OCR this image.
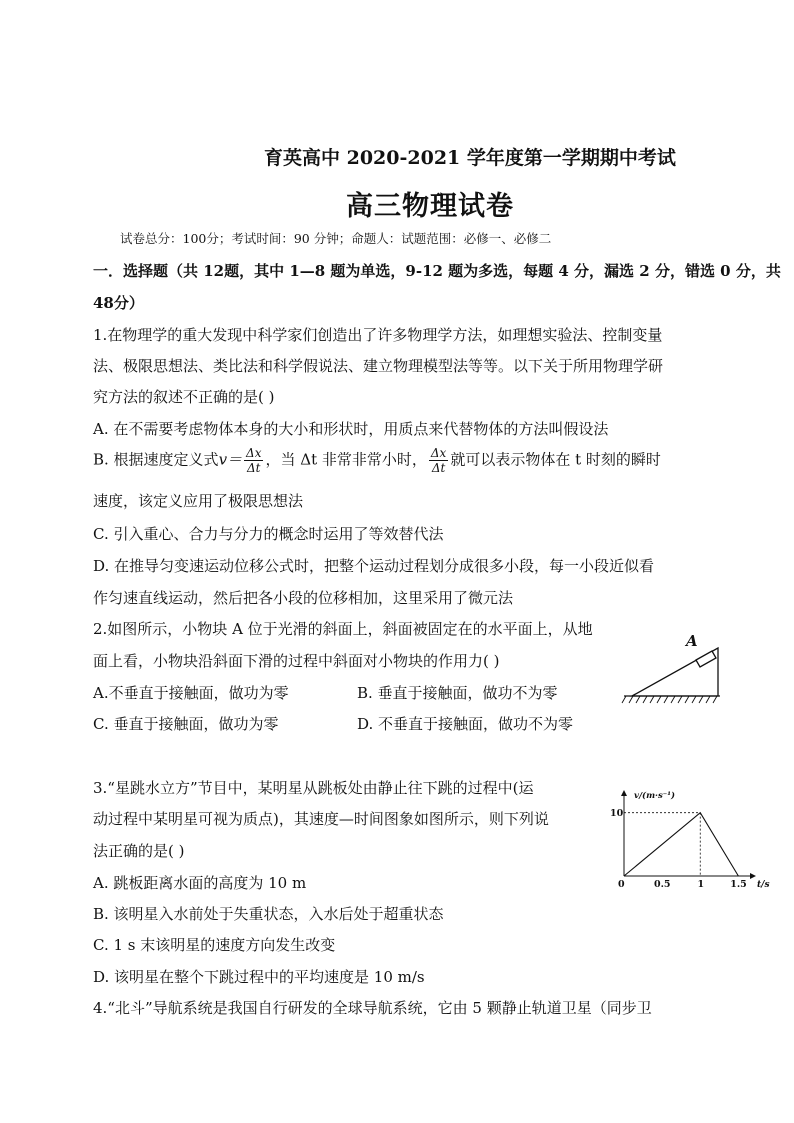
育英高中 2020-2021 学年度第一学期期中考试
高三物理试卷
试卷总分：100分；考试时间：90 分钟；命题人：试题范围：必修一、必修二
一．选择题（共 12题，其中 1—8 题为单选，9-12 题为多选，每题 4 分，漏选 2 分，错选 0 分，共
48分）
1.在物理学的重大发现中科学家们创造出了许多物理学方法，如理想实验法、控制变量
法、极限思想法、类比法和科学假说法、建立物理模型法等等。以下关于所用物理学研
究方法的叙述不正确的是( )
A. 在不需要考虑物体本身的大小和形状时，用质点来代替物体的方法叫假设法
B. 根据速度定义式$v= \frac{\Delta x}{\Delta t}$ ，当 Δt 非常非常小时， $\frac{\Delta x}{\Delta t}$ 就可以表示物体在 t 时刻的瞬时
速度，该定义应用了极限思想法
C. 引入重心、合力与分力的概念时运用了等效替代法
D. 在推导匀变速运动位移公式时，把整个运动过程划分成很多小段，每一小段近似看
作匀速直线运动，然后把各小段的位移相加，这里采用了微元法
2.如图所示，小物块 A 位于光滑的斜面上，斜面被固定在的水平面上，从地
面上看，小物块沿斜面下滑的过程中斜面对小物块的作用力( )
A.不垂直于接触面，做功为零	B. 垂直于接触面，做功不为零
C. 垂直于接触面，做功为零	D. 不垂直于接触面，做功不为零
A
3.“星跳水立方”节目中，某明星从跳板处由静止往下跳的过程中(运
动过程中某明星可视为质点)，其速度—时间图象如图所示，则下列说
法正确的是( )
A. 跳板距离水面的高度为 10 m
B. 该明星入水前处于失重状态，入水后处于超重状态
C. 1 s 末该明星的速度方向发生改变
D. 该明星在整个下跳过程中的平均速度是 10 m/s
0	0.5	1	1.5
10
t/s
v/(m·s⁻¹)
4.“北斗”导航系统是我国自行研发的全球导航系统，它由 5 颗静止轨道卫星（同步卫
